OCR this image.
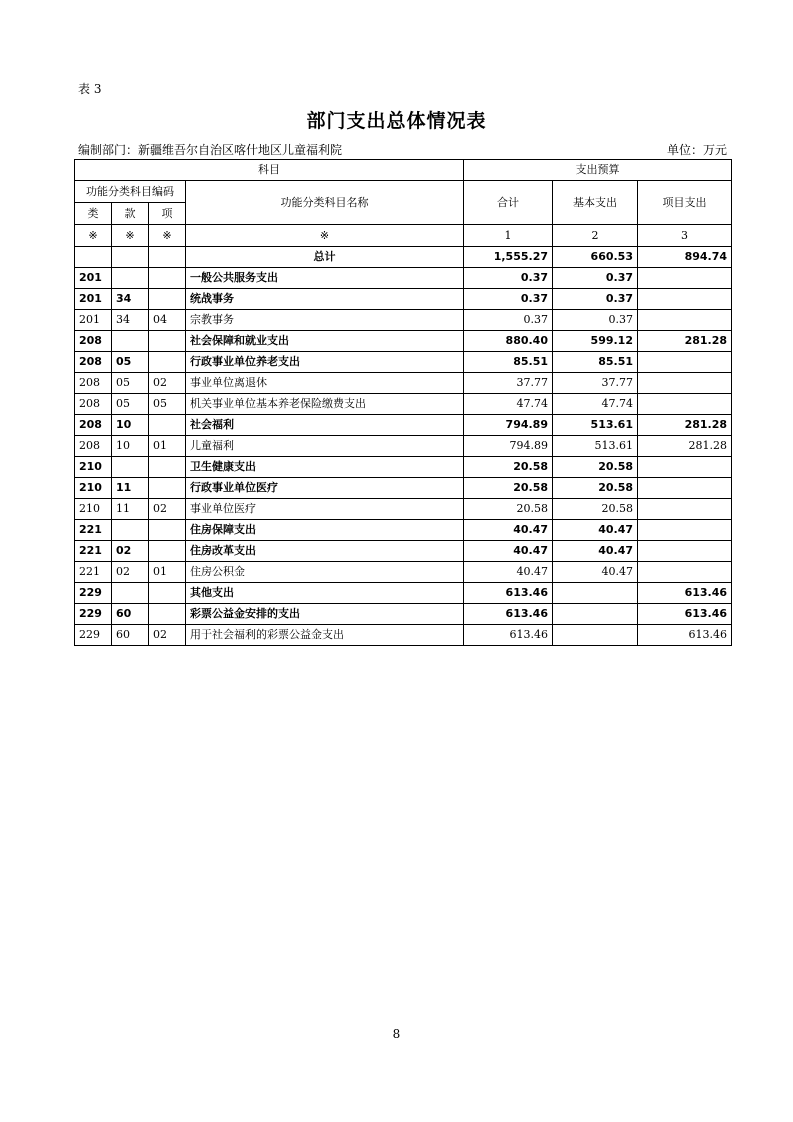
表 3
部门支出总体情况表
编制部门：新疆维吾尔自治区喀什地区儿童福利院	单位：万元
科目				支出预算		
功能分类科目编码			功能分类科目名称	合计	基本支出	项目支出
类	款	项				
※	※	※	※	1	2	3
			总计	1,555.27	660.53	894.74
201			一般公共服务支出	0.37	0.37	
201	34		统战事务	0.37	0.37	
201	34	04	宗教事务	0.37	0.37	
208			社会保障和就业支出	880.40	599.12	281.28
208	05		行政事业单位养老支出	85.51	85.51	
208	05	02	事业单位离退休	37.77	37.77	
208	05	05	机关事业单位基本养老保险缴费支出	47.74	47.74	
208	10		社会福利	794.89	513.61	281.28
208	10	01	儿童福利	794.89	513.61	281.28
210			卫生健康支出	20.58	20.58	
210	11		行政事业单位医疗	20.58	20.58	
210	11	02	事业单位医疗	20.58	20.58	
221			住房保障支出	40.47	40.47	
221	02		住房改革支出	40.47	40.47	
221	02	01	住房公积金	40.47	40.47	
229			其他支出	613.46		613.46
229	60		彩票公益金安排的支出	613.46		613.46
229	60	02	用于社会福利的彩票公益金支出	613.46		613.46
8
